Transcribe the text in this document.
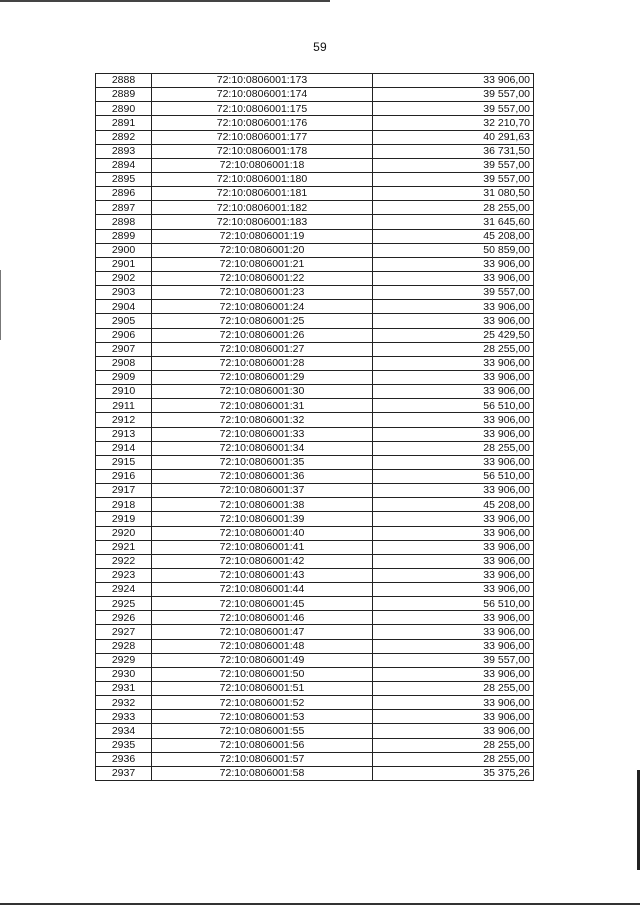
59
2888	72:10:0806001:173	33 906,00
2889	72:10:0806001:174	39 557,00
2890	72:10:0806001:175	39 557,00
2891	72:10:0806001:176	32 210,70
2892	72:10:0806001:177	40 291,63
2893	72:10:0806001:178	36 731,50
2894	72:10:0806001:18	39 557,00
2895	72:10:0806001:180	39 557,00
2896	72:10:0806001:181	31 080,50
2897	72:10:0806001:182	28 255,00
2898	72:10:0806001:183	31 645,60
2899	72:10:0806001:19	45 208,00
2900	72:10:0806001:20	50 859,00
2901	72:10:0806001:21	33 906,00
2902	72:10:0806001:22	33 906,00
2903	72:10:0806001:23	39 557,00
2904	72:10:0806001:24	33 906,00
2905	72:10:0806001:25	33 906,00
2906	72:10:0806001:26	25 429,50
2907	72:10:0806001:27	28 255,00
2908	72:10:0806001:28	33 906,00
2909	72:10:0806001:29	33 906,00
2910	72:10:0806001:30	33 906,00
2911	72:10:0806001:31	56 510,00
2912	72:10:0806001:32	33 906,00
2913	72:10:0806001:33	33 906,00
2914	72:10:0806001:34	28 255,00
2915	72:10:0806001:35	33 906,00
2916	72:10:0806001:36	56 510,00
2917	72:10:0806001:37	33 906,00
2918	72:10:0806001:38	45 208,00
2919	72:10:0806001:39	33 906,00
2920	72:10:0806001:40	33 906,00
2921	72:10:0806001:41	33 906,00
2922	72:10:0806001:42	33 906,00
2923	72:10:0806001:43	33 906,00
2924	72:10:0806001:44	33 906,00
2925	72:10:0806001:45	56 510,00
2926	72:10:0806001:46	33 906,00
2927	72:10:0806001:47	33 906,00
2928	72:10:0806001:48	33 906,00
2929	72:10:0806001:49	39 557,00
2930	72:10:0806001:50	33 906,00
2931	72:10:0806001:51	28 255,00
2932	72:10:0806001:52	33 906,00
2933	72:10:0806001:53	33 906,00
2934	72:10:0806001:55	33 906,00
2935	72:10:0806001:56	28 255,00
2936	72:10:0806001:57	28 255,00
2937	72:10:0806001:58	35 375,26
